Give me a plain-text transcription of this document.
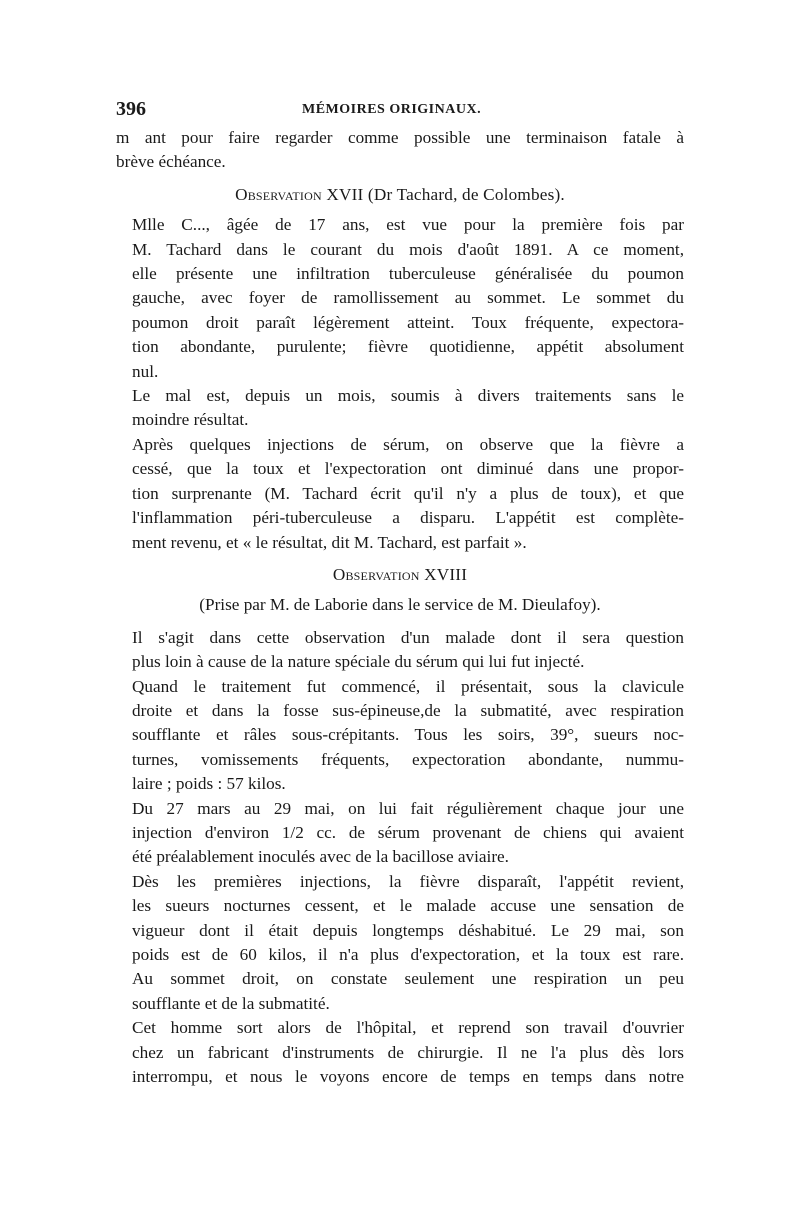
396	MÉMOIRES ORIGINAUX.

m ant pour faire regarder comme possible une terminaison fatale à
brève échéance.

Observation XVII (Dr Tachard, de Colombes).

Mlle C..., âgée de 17 ans, est vue pour la première fois par
M. Tachard dans le courant du mois d'août 1891. A ce moment,
elle présente une infiltration tuberculeuse généralisée du poumon
gauche, avec foyer de ramollissement au sommet. Le sommet du
poumon droit paraît légèrement atteint. Toux fréquente, expectora-
tion abondante, purulente; fièvre quotidienne, appétit absolument
nul.

Le mal est, depuis un mois, soumis à divers traitements sans le
moindre résultat.

Après quelques injections de sérum, on observe que la fièvre a
cessé, que la toux et l'expectoration ont diminué dans une propor-
tion surprenante (M. Tachard écrit qu'il n'y a plus de toux), et que
l'inflammation péri-tuberculeuse a disparu. L'appétit est complète-
ment revenu, et « le résultat, dit M. Tachard, est parfait ».

Observation XVIII
(Prise par M. de Laborie dans le service de M. Dieulafoy).

Il s'agit dans cette observation d'un malade dont il sera question
plus loin à cause de la nature spéciale du sérum qui lui fut injecté.

Quand le traitement fut commencé, il présentait, sous la clavicule
droite et dans la fosse sus-épineuse,de la submatité, avec respiration
soufflante et râles sous-crépitants. Tous les soirs, 39°, sueurs noc-
turnes, vomissements fréquents, expectoration abondante, nummu-
laire ; poids : 57 kilos.

Du 27 mars au 29 mai, on lui fait régulièrement chaque jour une
injection d'environ 1/2 cc. de sérum provenant de chiens qui avaient
été préalablement inoculés avec de la bacillose aviaire.

Dès les premières injections, la fièvre disparaît, l'appétit revient,
les sueurs nocturnes cessent, et le malade accuse une sensation de
vigueur dont il était depuis longtemps déshabitué. Le 29 mai, son
poids est de 60 kilos, il n'a plus d'expectoration, et la toux est rare.
Au sommet droit, on constate seulement une respiration un peu
soufflante et de la submatité.

Cet homme sort alors de l'hôpital, et reprend son travail d'ouvrier
chez un fabricant d'instruments de chirurgie. Il ne l'a plus dès lors
interrompu, et nous le voyons encore de temps en temps dans notre
